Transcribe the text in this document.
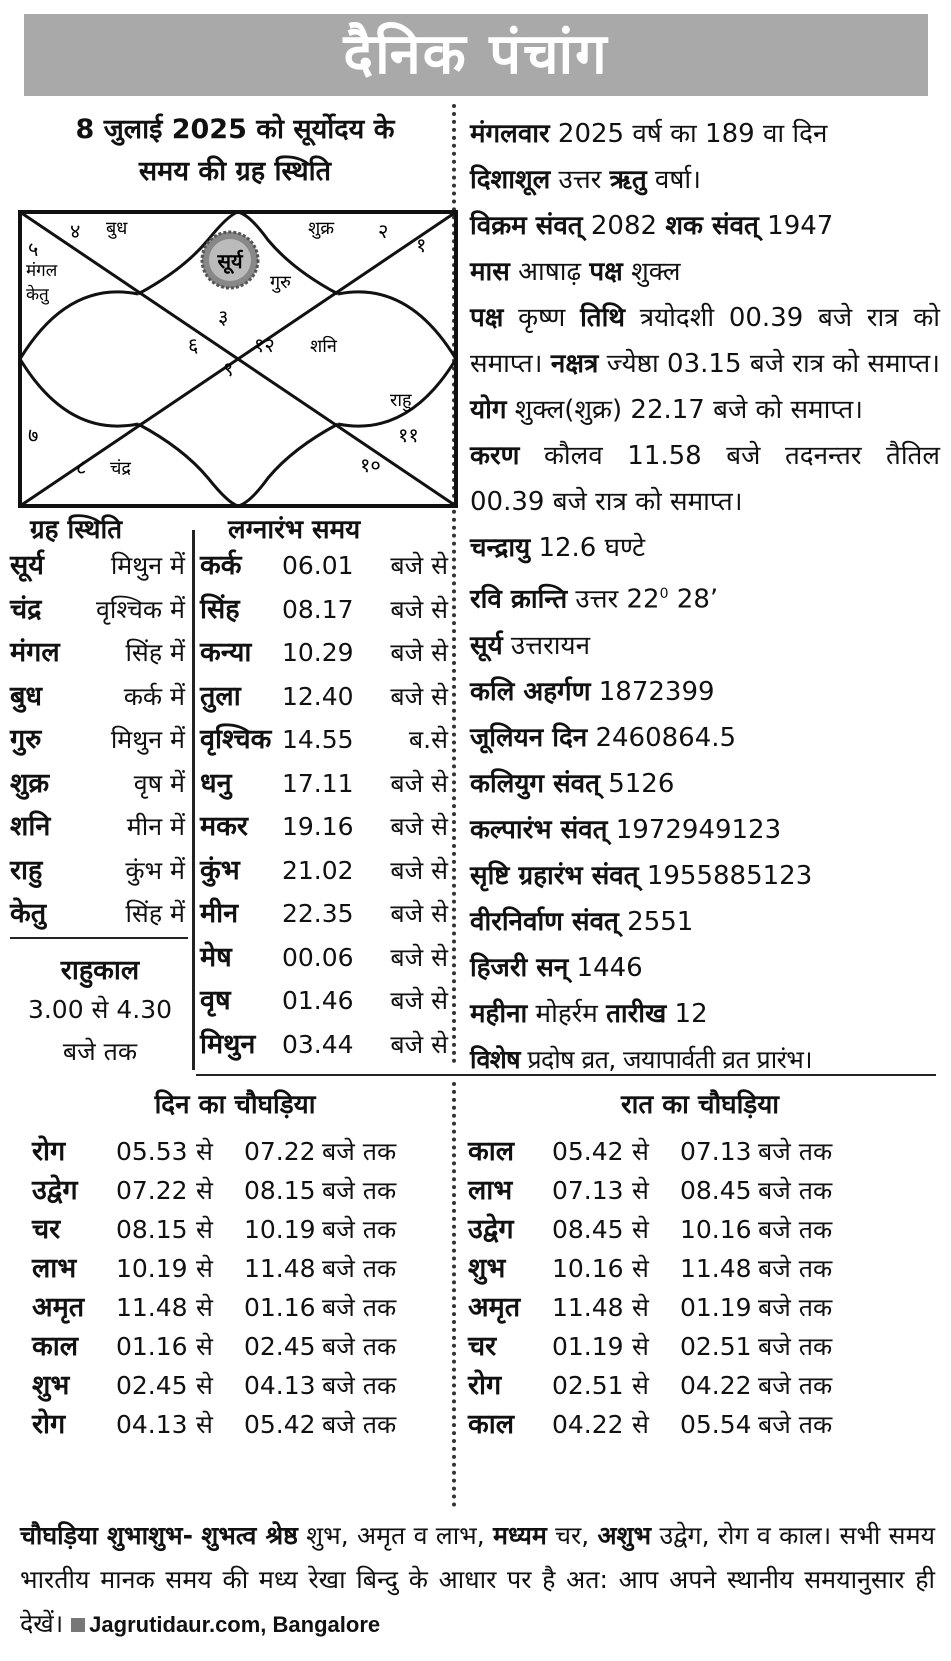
दैनिक पंचांग
8 जुलाई 2025 को सूर्योदय के
समय की ग्रह स्थिति
४	२
५	१
३
६	१२
९
७	११
८	१०
बुध	शुक्र
मंगल
केतु
सूर्य
गुरु
शनि
राहु
चंद्र
ग्रह स्थिति
सूर्य	मिथुन में
चंद्र वृश्चिक में
मंगल	सिंह में
बुध	कर्क में
गुरु	मिथुन में
शुक्र	वृष में
शनि	मीन में
राहु	कुंभ में
केतु	सिंह में
राहुकाल
3.00 से 4.30
बजे तक
लग्नारंभ समय
कर्क 06.01 बजे से
सिंह 08.17 बजे से
कन्या 10.29 बजे से
तुला 12.40 बजे से
वृश्चिक 14.55 ब.से
धनु 17.11 बजे से
मकर 19.16 बजे से
कुंभ 21.02 बजे से
मीन 22.35 बजे से
मेष 00.06 बजे से
वृष 01.46 बजे से
मिथुन 03.44 बजे से

मंगलवार 2025 वर्ष का 189 वा दिन

दिशाशूल उत्तर ऋतु वर्षा।

विक्रम संवत् 2082 शक संवत् 1947

मास आषाढ़ पक्ष शुक्ल

पक्ष कृष्ण तिथि त्रयोदशी 00.39 बजे रात्र को समाप्त। नक्षत्र ज्येष्ठा 03.15 बजे रात्र को समाप्त। योग शुक्ल(शुक्र) 22.17 बजे को समाप्त।

करण कौलव 11.58 बजे तदनन्तर तैतिल 00.39 बजे रात्र को समाप्त।

चन्द्रायु 12.6 घण्टे

रवि क्रान्ति उत्तर $22^0$ 28’

सूर्य उत्तरायन

कलि अहर्गण 1872399

जूलियन दिन 2460864.5

कलियुग संवत् 5126

कल्पारंभ संवत् 1972949123

सृष्टि ग्रहारंभ संवत् 1955885123

वीरनिर्वाण संवत् 2551

हिजरी सन् 1446

महीना मोहर्रम तारीख 12

विशेष प्रदोष व्रत, जयापार्वती व्रत प्रारंभ।

दिन का चौघड़िया	रात का चौघड़िया
रोग 05.53 से 07.22 बजे तक
उद्वेग 07.22 से 08.15 बजे तक
चर 08.15 से 10.19 बजे तक
लाभ 10.19 से 11.48 बजे तक
अमृत 11.48 से 01.16 बजे तक
काल 01.16 से 02.45 बजे तक
शुभ 02.45 से 04.13 बजे तक
रोग 04.13 से 05.42 बजे तक
काल 05.42 से 07.13 बजे तक
लाभ 07.13 से 08.45 बजे तक
उद्वेग 08.45 से 10.16 बजे तक
शुभ 10.16 से 11.48 बजे तक
अमृत 11.48 से 01.19 बजे तक
चर 01.19 से 02.51 बजे तक
रोग 02.51 से 04.22 बजे तक
काल 04.22 से 05.54 बजे तक
चौघड़िया शुभाशुभ- शुभत्व श्रेष्ठ शुभ, अमृत व लाभ, मध्यम चर, अशुभ उद्वेग, रोग व काल। सभी समय भारतीय मानक समय की मध्य रेखा बिन्दु के आधार पर है अत: आप अपने स्थानीय समयानुसार ही देखें। Jagrutidaur.com, Bangalore
